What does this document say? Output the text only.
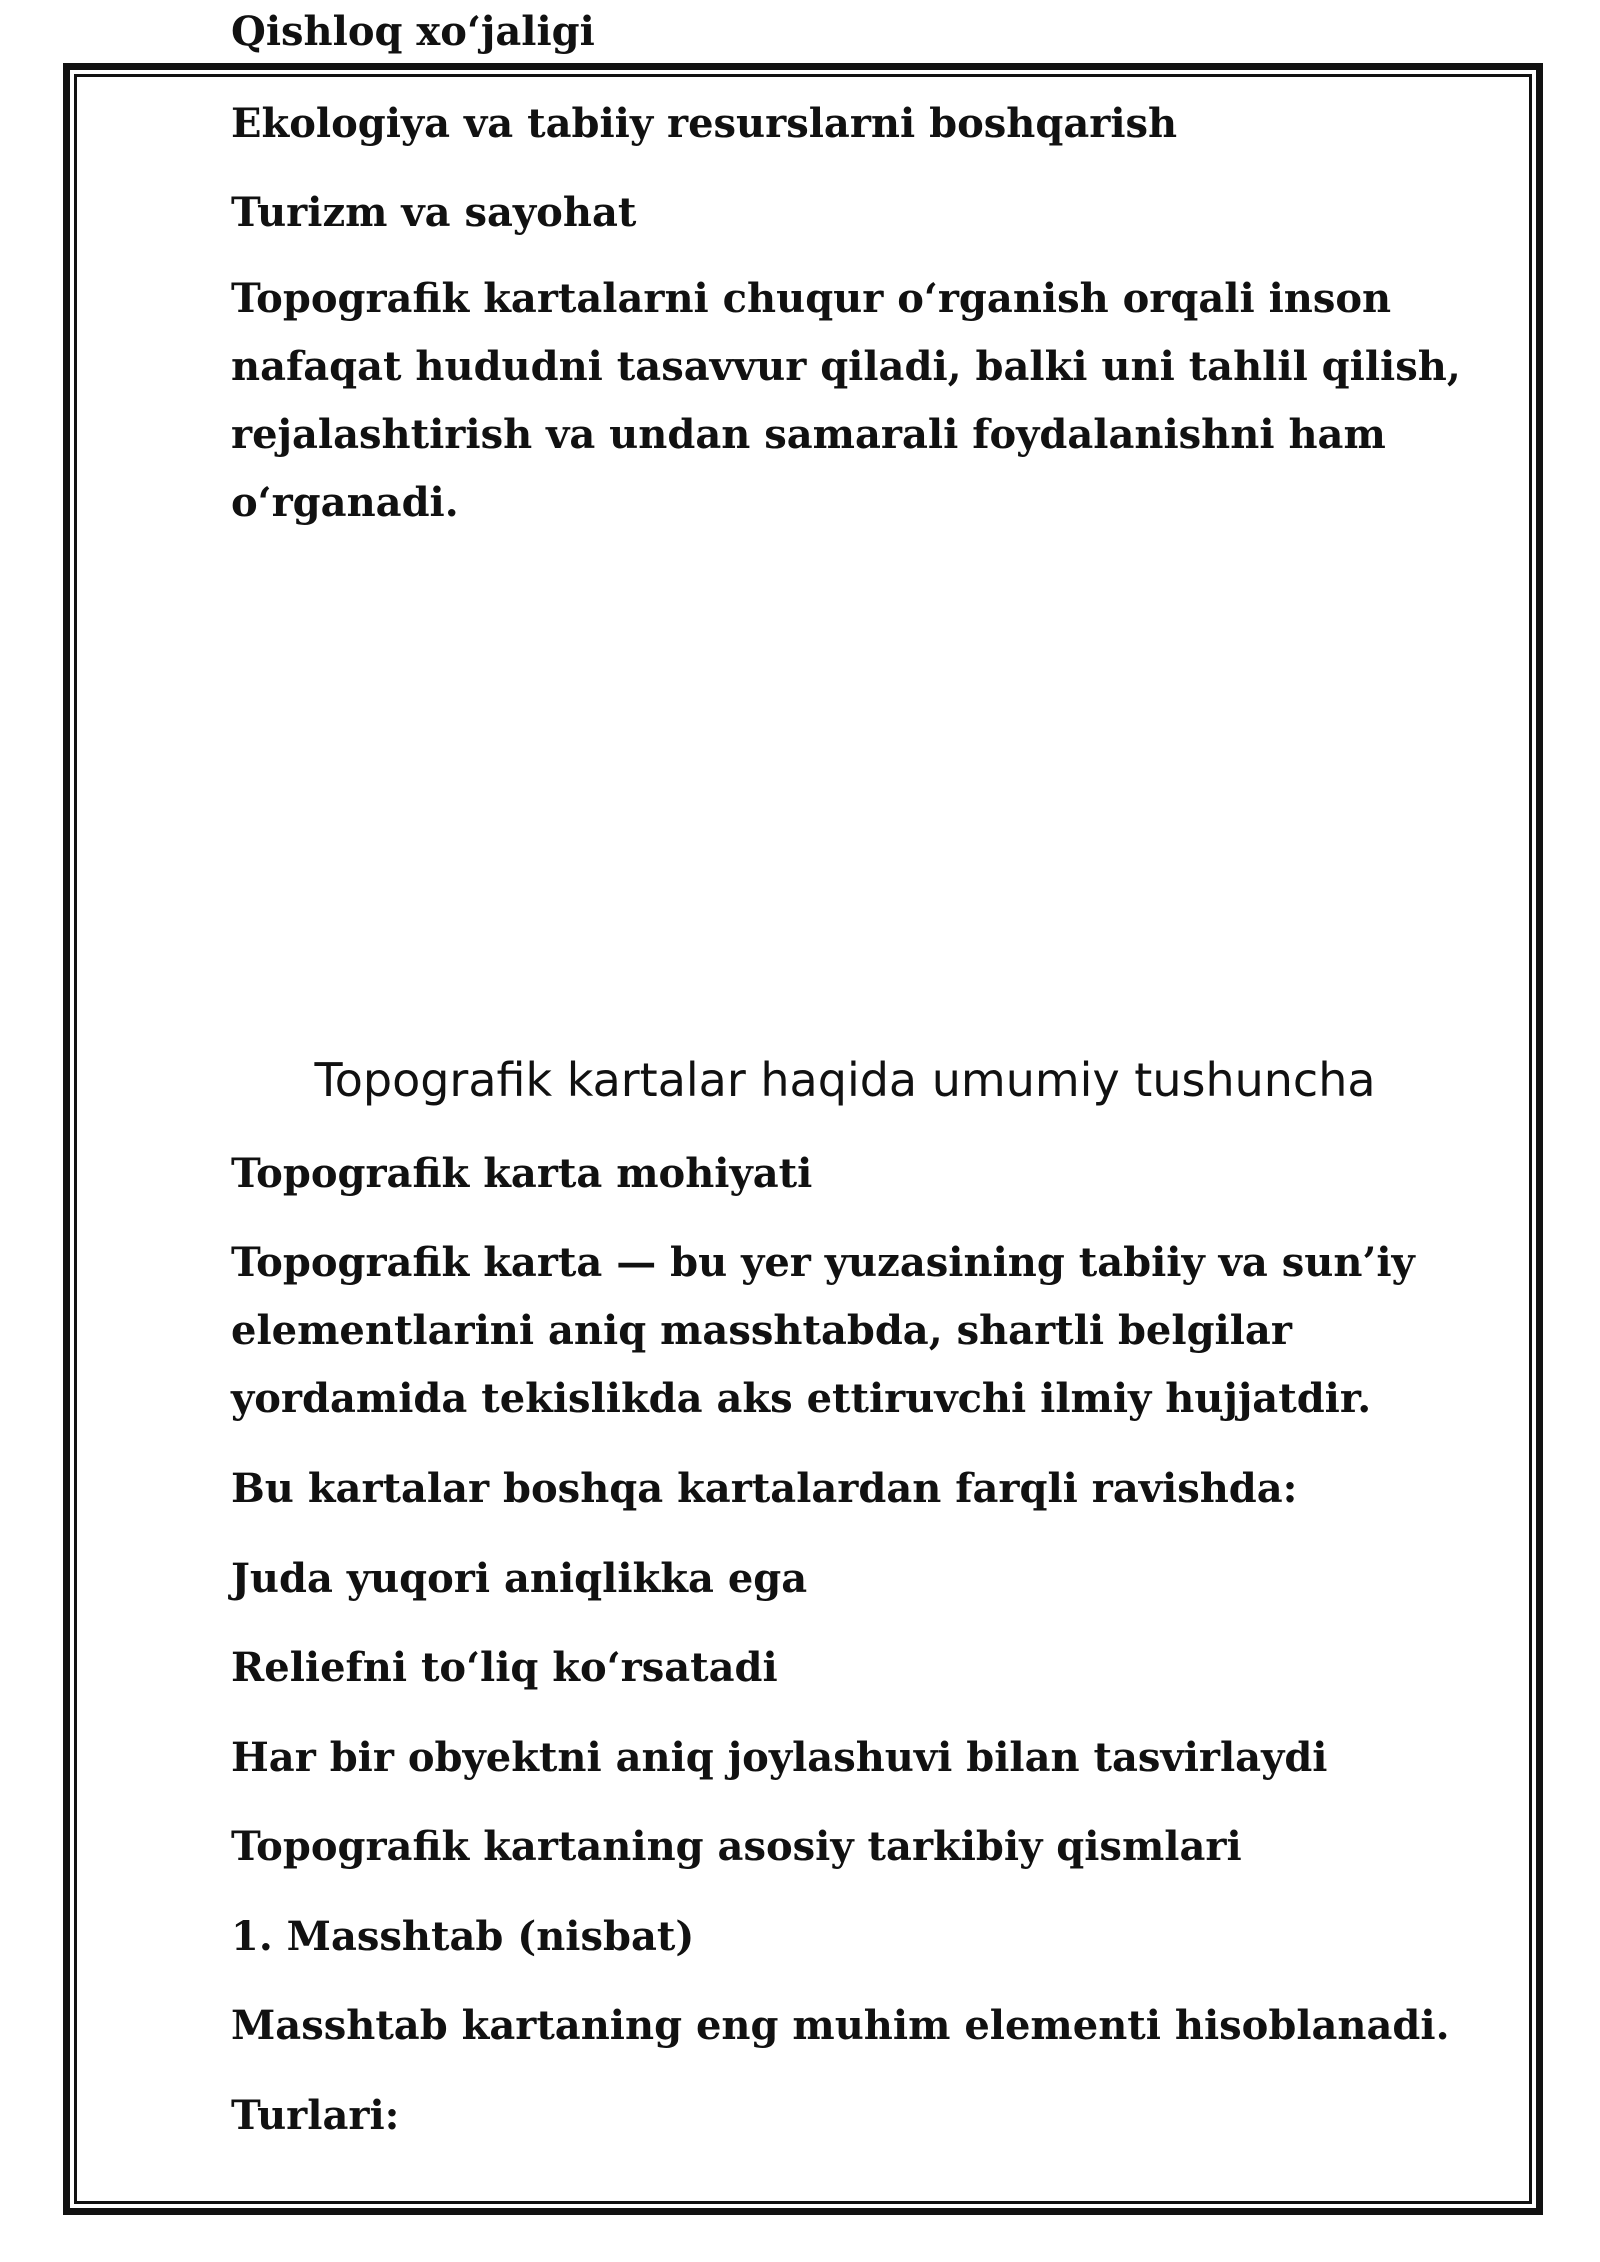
Qishloq xo‘jaligi

Ekologiya va tabiiy resurslarni boshqarish

Turizm va sayohat

Topografik kartalarni chuqur o‘rganish orqali inson nafaqat hududni tasavvur qiladi, balki uni tahlil qilish, rejalashtirish va undan samarali foydalanishni ham o‘rganadi.

Topografik kartalar haqida umumiy tushuncha

Topografik karta mohiyati

Topografik karta — bu yer yuzasining tabiiy va sun’iy elementlarini aniq masshtabda, shartli belgilar yordamida tekislikda aks ettiruvchi ilmiy hujjatdir.

Bu kartalar boshqa kartalardan farqli ravishda:

Juda yuqori aniqlikka ega

Reliefni to‘liq ko‘rsatadi

Har bir obyektni aniq joylashuvi bilan tasvirlaydi

Topografik kartaning asosiy tarkibiy qismlari

1. Masshtab (nisbat)

Masshtab kartaning eng muhim elementi hisoblanadi.

Turlari:
